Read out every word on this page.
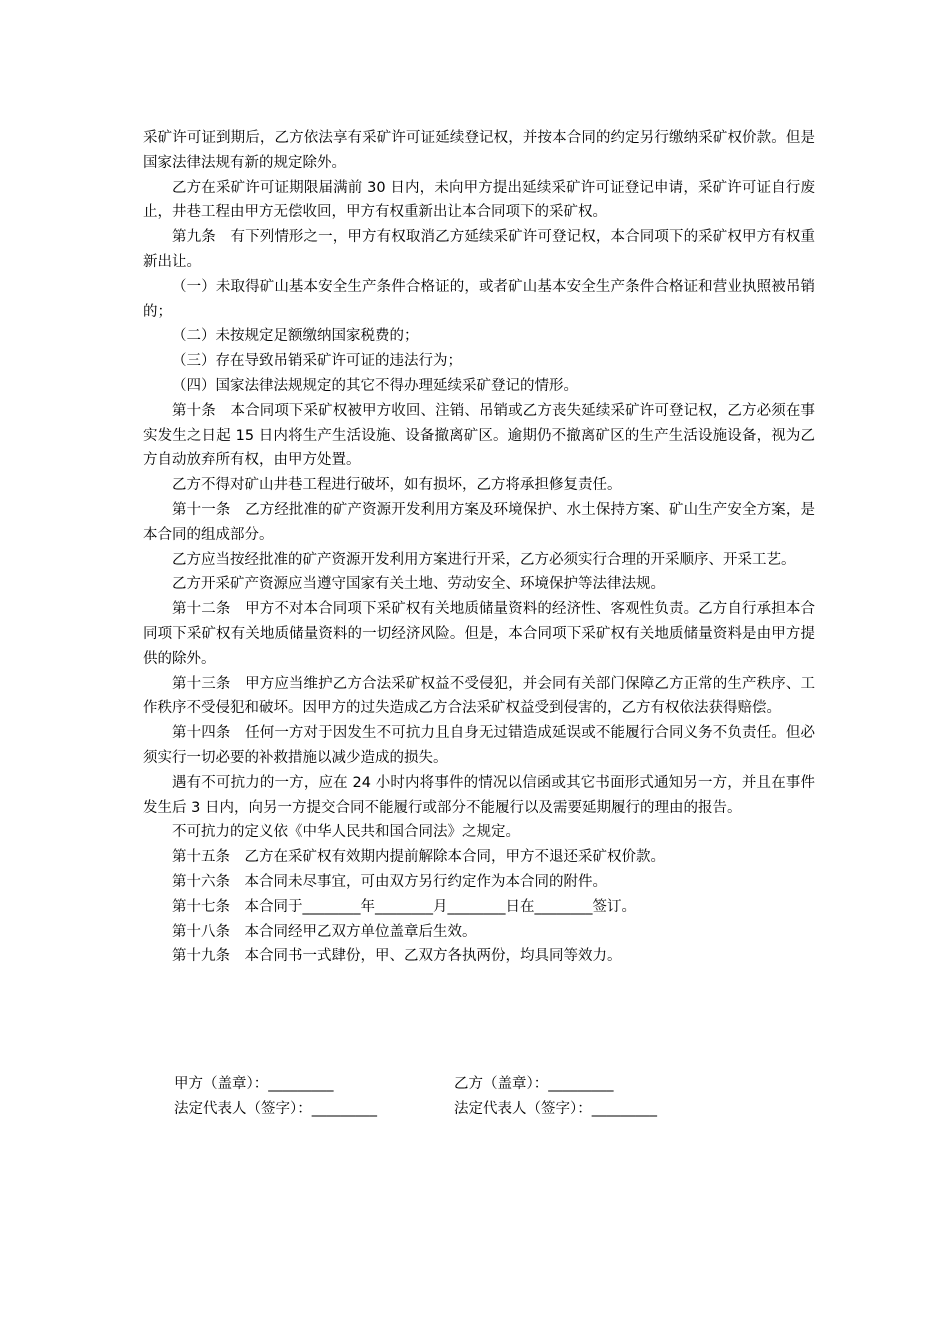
采矿许可证到期后，乙方依法享有采矿许可证延续登记权，并按本合同的约定另行缴纳采矿权价款。但是国家法律法规有新的规定除外。

乙方在采矿许可证期限届满前 30 日内，未向甲方提出延续采矿许可证登记申请，采矿许可证自行废止，井巷工程由甲方无偿收回，甲方有权重新出让本合同项下的采矿权。

第九条　有下列情形之一，甲方有权取消乙方延续采矿许可登记权，本合同项下的采矿权甲方有权重新出让。

（一）未取得矿山基本安全生产条件合格证的，或者矿山基本安全生产条件合格证和营业执照被吊销的；

（二）未按规定足额缴纳国家税费的；

（三）存在导致吊销采矿许可证的违法行为；

（四）国家法律法规规定的其它不得办理延续采矿登记的情形。

第十条　本合同项下采矿权被甲方收回、注销、吊销或乙方丧失延续采矿许可登记权，乙方必须在事实发生之日起 15 日内将生产生活设施、设备撤离矿区。逾期仍不撤离矿区的生产生活设施设备，视为乙方自动放弃所有权，由甲方处置。

乙方不得对矿山井巷工程进行破坏，如有损坏，乙方将承担修复责任。

第十一条　乙方经批准的矿产资源开发利用方案及环境保护、水土保持方案、矿山生产安全方案，是本合同的组成部分。

乙方应当按经批准的矿产资源开发利用方案进行开采，乙方必须实行合理的开采顺序、开采工艺。

乙方开采矿产资源应当遵守国家有关土地、劳动安全、环境保护等法律法规。

第十二条　甲方不对本合同项下采矿权有关地质储量资料的经济性、客观性负责。乙方自行承担本合同项下采矿权有关地质储量资料的一切经济风险。但是，本合同项下采矿权有关地质储量资料是由甲方提供的除外。

第十三条　甲方应当维护乙方合法采矿权益不受侵犯，并会同有关部门保障乙方正常的生产秩序、工作秩序不受侵犯和破坏。因甲方的过失造成乙方合法采矿权益受到侵害的，乙方有权依法获得赔偿。

第十四条　任何一方对于因发生不可抗力且自身无过错造成延误或不能履行合同义务不负责任。但必须实行一切必要的补救措施以减少造成的损失。

遇有不可抗力的一方，应在 24 小时内将事件的情况以信函或其它书面形式通知另一方，并且在事件发生后 3 日内，向另一方提交合同不能履行或部分不能履行以及需要延期履行的理由的报告。

不可抗力的定义依《中华人民共和国合同法》之规定。

第十五条　乙方在采矿权有效期内提前解除本合同，甲方不退还采矿权价款。

第十六条　本合同未尽事宜，可由双方另行约定作为本合同的附件。

第十七条　本合同于________年________月________日在________签订。

第十八条　本合同经甲乙双方单位盖章后生效。

第十九条　本合同书一式肆份，甲、乙双方各执两份，均具同等效力。

甲方（盖章）：_________	乙方（盖章）：_________
法定代表人（签字）：_________	法定代表人（签字）：_________
